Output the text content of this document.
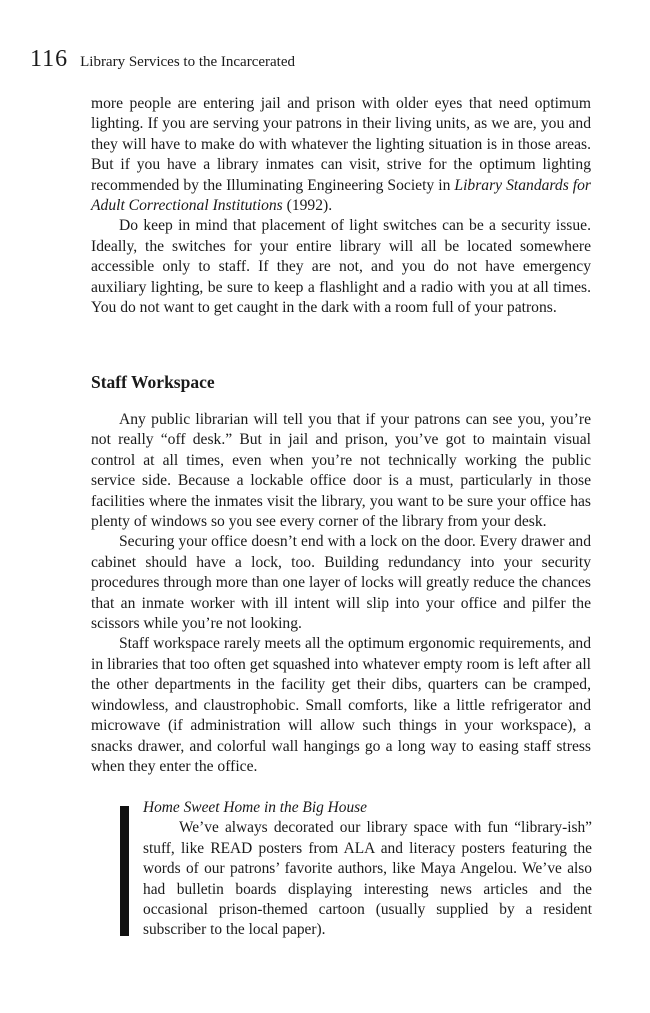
116 Library Services to the Incarcerated

more people are entering jail and prison with older eyes that need optimum lighting. If you are serving your patrons in their living units, as we are, you and they will have to make do with whatever the lighting situation is in those areas. But if you have a library inmates can visit, strive for the optimum lighting recommended by the Illuminating Engineering Society in Library Standards for Adult Correctional Institutions (1992).

Do keep in mind that placement of light switches can be a security issue. Ideally, the switches for your entire library will all be located somewhere accessible only to staff. If they are not, and you do not have emergency auxiliary lighting, be sure to keep a flashlight and a radio with you at all times. You do not want to get caught in the dark with a room full of your patrons.

Staff Workspace

Any public librarian will tell you that if your patrons can see you, you’re not really “off desk.” But in jail and prison, you’ve got to maintain visual control at all times, even when you’re not technically working the public service side. Because a lockable office door is a must, particularly in those facilities where the inmates visit the library, you want to be sure your office has plenty of windows so you see every corner of the library from your desk.

Securing your office doesn’t end with a lock on the door. Every drawer and cabinet should have a lock, too. Building redundancy into your security procedures through more than one layer of locks will greatly reduce the chances that an inmate worker with ill intent will slip into your office and pilfer the scissors while you’re not looking.

Staff workspace rarely meets all the optimum ergonomic requirements, and in libraries that too often get squashed into whatever empty room is left after all the other departments in the facility get their dibs, quarters can be cramped, windowless, and claustrophobic. Small comforts, like a little refrigerator and microwave (if administration will allow such things in your workspace), a snacks drawer, and colorful wall hangings go a long way to easing staff stress when they enter the office.

Home Sweet Home in the Big House

We’ve always decorated our library space with fun “library-ish” stuff, like READ posters from ALA and literacy posters featuring the words of our patrons’ favorite authors, like Maya Angelou. We’ve also had bulletin boards displaying interesting news articles and the occasional prison-themed cartoon (usually supplied by a resident subscriber to the local paper).
